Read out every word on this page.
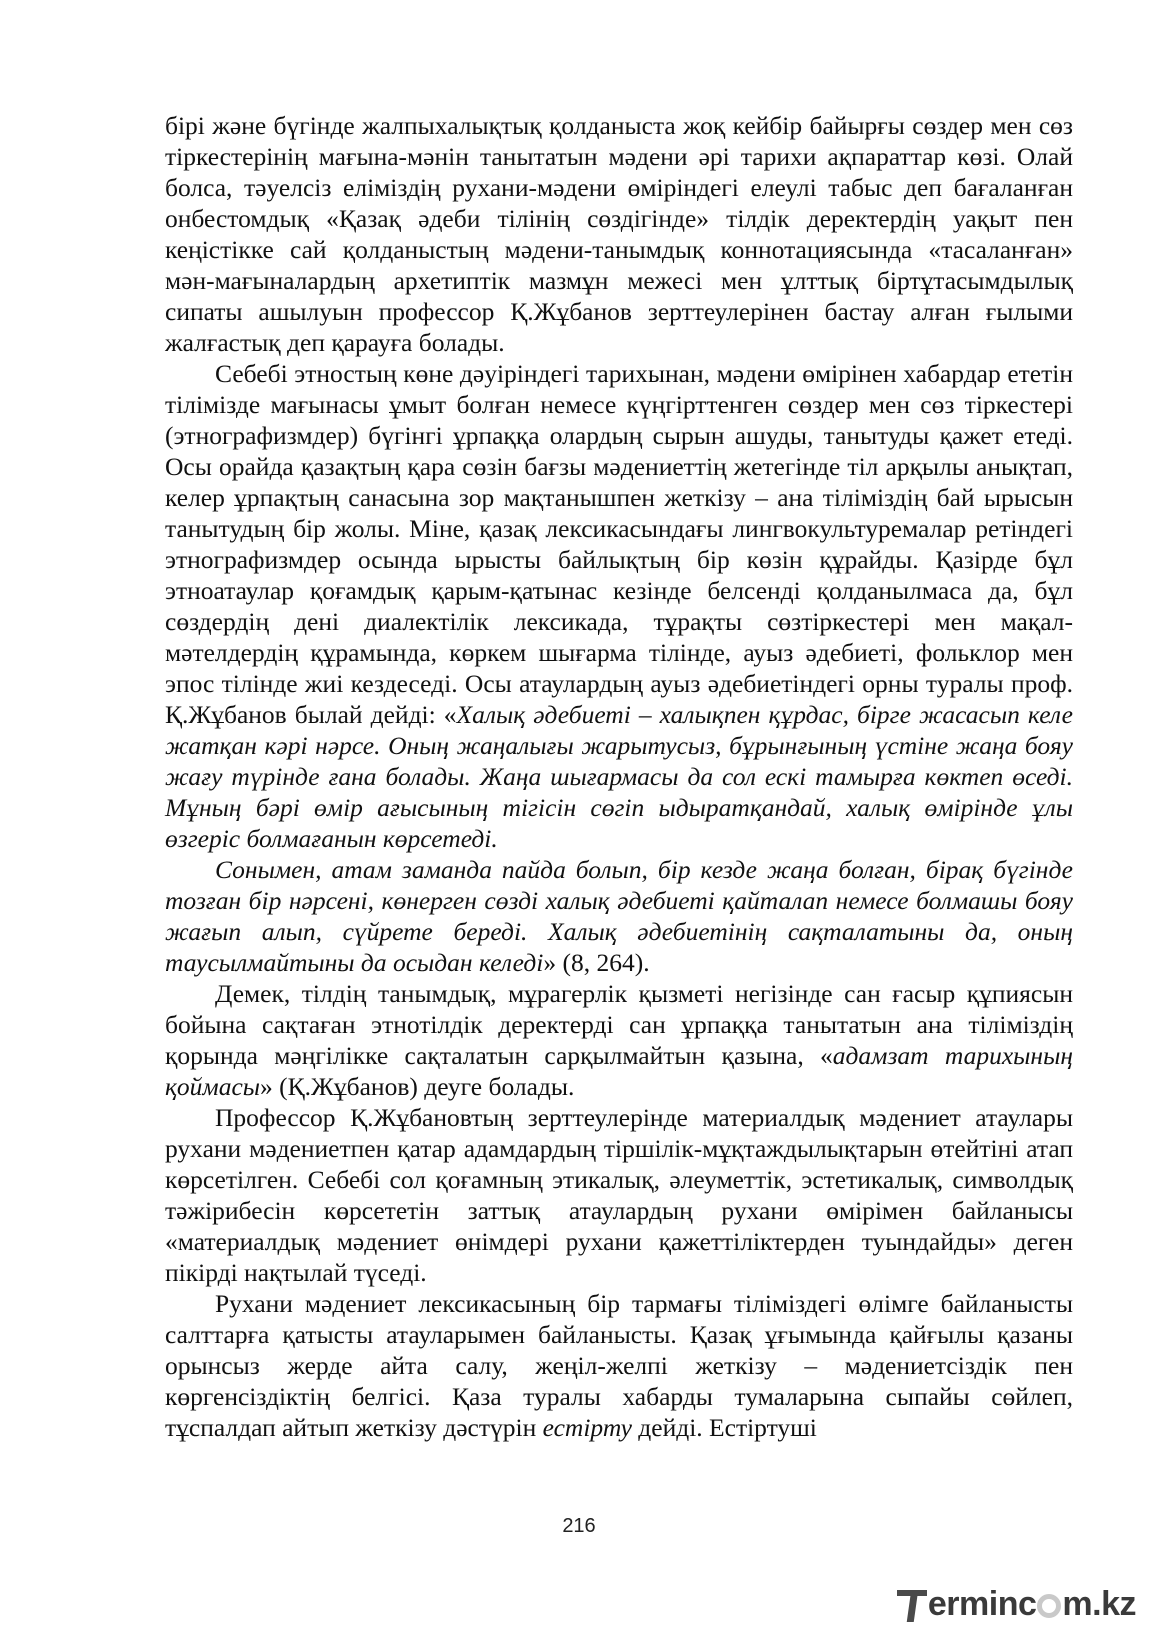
бірі және бүгінде жалпыхалықтық қолданыста жоқ кейбір байырғы сөздер мен сөз тіркестерінің мағына-мәнін танытатын мәдени әрі тарихи ақпараттар көзі. Олай болса, тәуелсіз еліміздің рухани-мәдени өміріндегі елеулі табыс деп бағаланған онбестомдық «Қазақ әдеби тілінің сөздігінде» тілдік деректердің уақыт пен кеңістікке сай қолданыстың мәдени-танымдық коннотациясында «тасаланған» мән-мағыналардың архетиптік мазмұн межесі мен ұлттық біртұтасымдылық сипаты ашылуын профессор Қ.Жұбанов зерттеулерінен бастау алған ғылыми жалғастық деп қарауға болады.

Себебі этностың көне дәуіріндегі тарихынан, мәдени өмірінен хабардар ететін тілімізде мағынасы ұмыт болған немесе күңгірттенген сөздер мен сөз тіркестері (этнографизмдер) бүгінгі ұрпаққа олардың сырын ашуды, танытуды қажет етеді. Осы орайда қазақтың қара сөзін бағзы мәдениеттің жетегінде тіл арқылы анықтап, келер ұрпақтың санасына зор мақтанышпен жеткізу – ана тіліміздің бай ырысын танытудың бір жолы. Міне, қазақ лексикасындағы лингвокультуремалар ретіндегі этнографизмдер осында ырысты байлықтың бір көзін құрайды. Қазірде бұл этноатаулар қоғамдық қарым-қатынас кезінде белсенді қолданылмаса да, бұл сөздердің дені диалектілік лексикада, тұрақты сөзтіркестері мен мақал-мәтелдердің құрамында, көркем шығарма тілінде, ауыз әдебиеті, фольклор мен эпос тілінде жиі кездеседі. Осы атаулардың ауыз әдебиетіндегі орны туралы проф. Қ.Жұбанов былай дейді: «Халық әдебиеті – халықпен құрдас, бірге жасасып келе жатқан кәрі нәрсе. Оның жаңалығы жарытусыз, бұрынғының үстіне жаңа бояу жағу түрінде ғана болады. Жаңа шығармасы да сол ескі тамырға көктеп өседі. Мұның бәрі өмір ағысының тігісін сөгіп ыдыратқандай, халық өмірінде ұлы өзгеріс болмағанын көрсетеді.

Сонымен, атам заманда пайда болып, бір кезде жаңа болған, бірақ бүгінде тозған бір нәрсені, көнерген сөзді халық әдебиеті қайталап немесе болмашы бояу жағып алып, сүйрете береді. Халық әдебиетінің сақталатыны да, оның таусылмайтыны да осыдан келеді» (8, 264).

Демек, тілдің танымдық, мұрагерлік қызметі негізінде сан ғасыр құпиясын бойына сақтаған этнотілдік деректерді сан ұрпаққа танытатын ана тіліміздің қорында мәңгілікке сақталатын сарқылмайтын қазына, «адамзат тарихының қоймасы» (Қ.Жұбанов) деуге болады.

Профессор Қ.Жұбановтың зерттеулерінде материалдық мәдениет атаулары рухани мәдениетпен қатар адамдардың тіршілік-мұқтаждылықтарын өтейтіні атап көрсетілген. Себебі сол қоғамның этикалық, әлеуметтік, эстетикалық, символдық тәжірибесін көрсететін заттық атаулардың рухани өмірімен байланысы «материалдық мәдениет өнімдері рухани қажеттіліктерден туындайды» деген пікірді нақтылай түседі.

Рухани мәдениет лексикасының бір тармағы тіліміздегі өлімге байланысты салттарға қатысты атауларымен байланысты. Қазақ ұғымында қайғылы қазаны орынсыз жерде айта салу, жеңіл-желпі жеткізу – мәдениетсіздік пен көргенсіздіктің белгісі. Қаза туралы хабарды тумаларына сыпайы сөйлеп, тұспалдап айтып жеткізу дәстүрін естірту дейді. Естіртуші

216
ermin c m.kz
